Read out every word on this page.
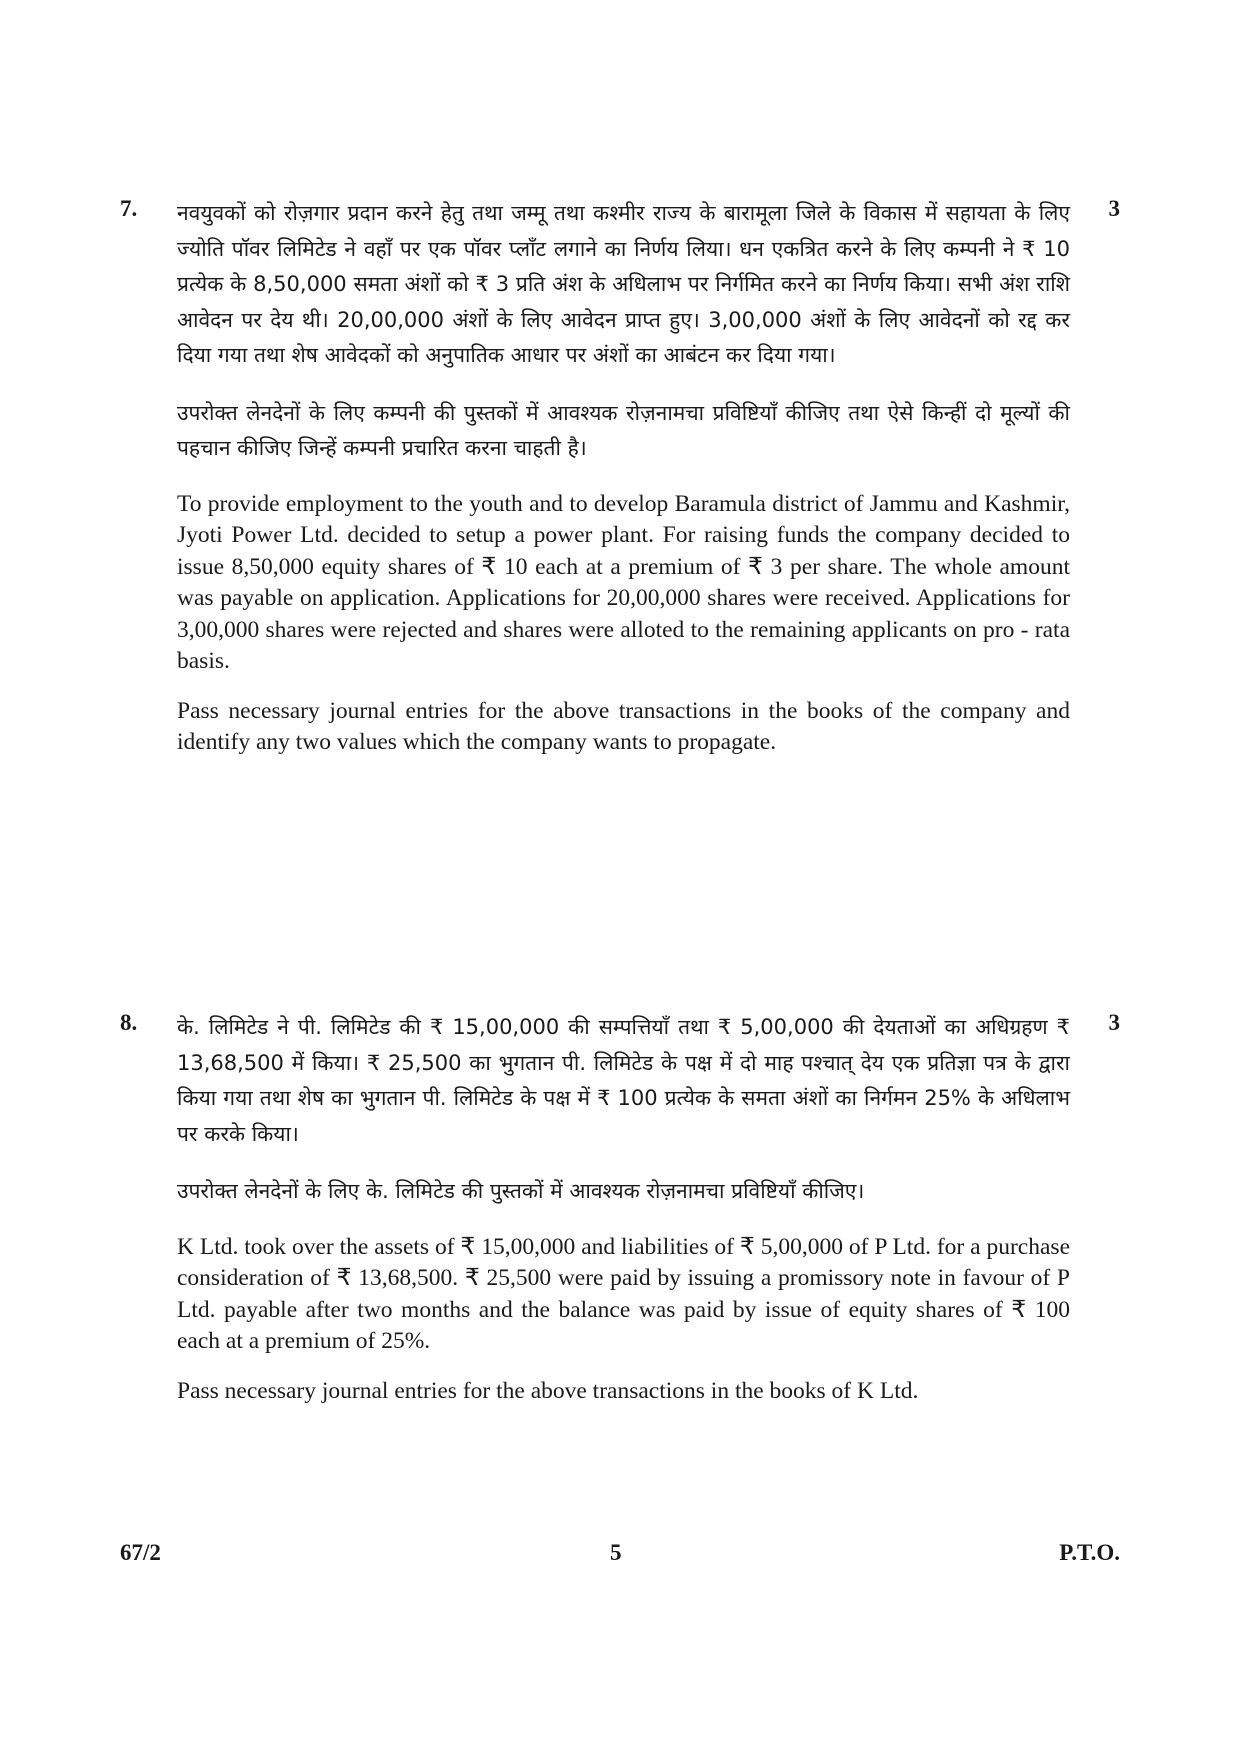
7.	3

नवयुवकों को रोज़गार प्रदान करने हेतु तथा जम्मू तथा कश्मीर राज्य के बारामूला जिले के विकास में सहायता के लिए ज्योति पॉवर लिमिटेड ने वहाँ पर एक पॉवर प्लाँट लगाने का निर्णय लिया। धन एकत्रित करने के लिए कम्पनी ने ₹ 10 प्रत्येक के 8,50,000 समता अंशों को ₹ 3 प्रति अंश के अधिलाभ पर निर्गमित करने का निर्णय किया। सभी अंश राशि आवेदन पर देय थी। 20,00,000 अंशों के लिए आवेदन प्राप्त हुए। 3,00,000 अंशों के लिए आवेदनों को रद्द कर दिया गया तथा शेष आवेदकों को अनुपातिक आधार पर अंशों का आबंटन कर दिया गया।

उपरोक्त लेनदेनों के लिए कम्पनी की पुस्तकों में आवश्यक रोज़नामचा प्रविष्टियाँ कीजिए तथा ऐसे किन्हीं दो मूल्यों की पहचान कीजिए जिन्हें कम्पनी प्रचारित करना चाहती है।

To provide employment to the youth and to develop Baramula district of Jammu and Kashmir, Jyoti Power Ltd. decided to setup a power plant. For raising funds the company decided to issue 8,50,000 equity shares of ₹ 10 each at a premium of ₹ 3 per share. The whole amount was payable on application. Applications for 20,00,000 shares were received. Applications for 3,00,000 shares were rejected and shares were alloted to the remaining applicants on pro - rata basis.

Pass necessary journal entries for the above transactions in the books of the company and identify any two values which the company wants to propagate.

8.	3

के. लिमिटेड ने पी. लिमिटेड की ₹ 15,00,000 की सम्पत्तियाँ तथा ₹ 5,00,000 की देयताओं का अधिग्रहण ₹ 13,68,500 में किया। ₹ 25,500 का भुगतान पी. लिमिटेड के पक्ष में दो माह पश्चात् देय एक प्रतिज्ञा पत्र के द्वारा किया गया तथा शेष का भुगतान पी. लिमिटेड के पक्ष में ₹ 100 प्रत्येक के समता अंशों का निर्गमन 25% के अधिलाभ पर करके किया।

उपरोक्त लेनदेनों के लिए के. लिमिटेड की पुस्तकों में आवश्यक रोज़नामचा प्रविष्टियाँ कीजिए।

K Ltd. took over the assets of ₹ 15,00,000 and liabilities of ₹ 5,00,000 of P Ltd. for a purchase consideration of ₹ 13,68,500. ₹ 25,500 were paid by issuing a promissory note in favour of P Ltd. payable after two months and the balance was paid by issue of equity shares of ₹ 100 each at a premium of 25%.

Pass necessary journal entries for the above transactions in the books of K Ltd.

67/2	5	P.T.O.
